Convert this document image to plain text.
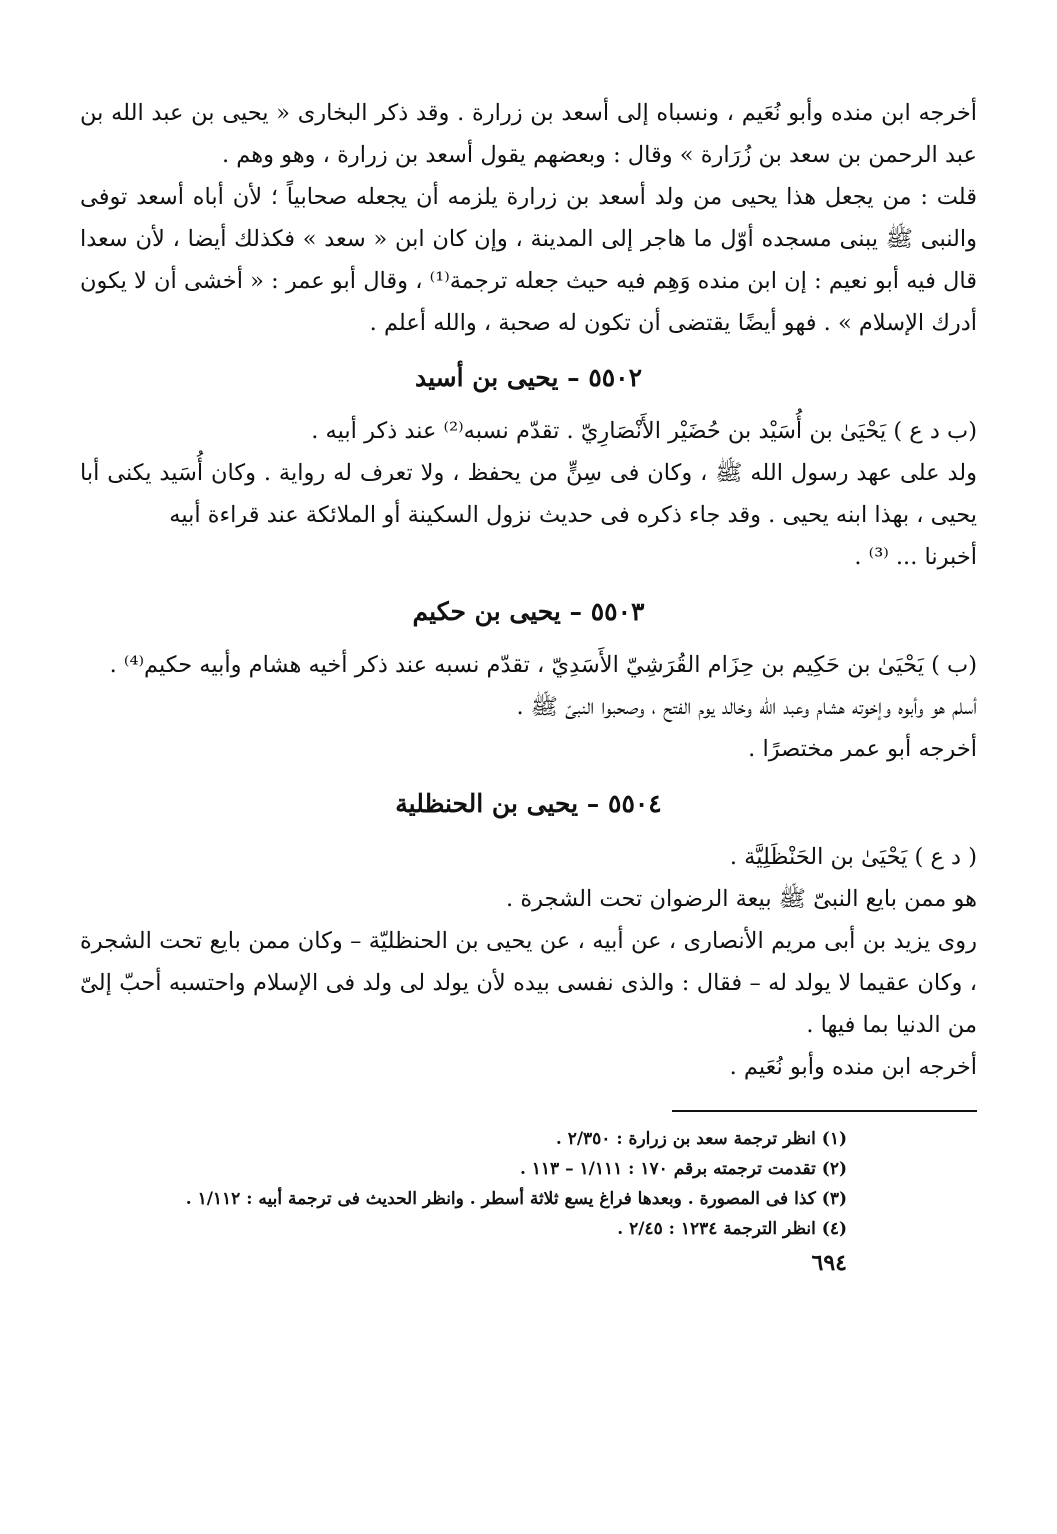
أخرجه ابن منده وأبو نُعَيم ، ونسباه إلى أسعد بن زرارة . وقد ذكر البخارى « يحيى بن عبد الله بن عبد الرحمن بن سعد بن زُرَارة » وقال : وبعضهم يقول أسعد بن زرارة ، وهو وهم .

قلت : من يجعل هذا يحيى من ولد أسعد بن زرارة يلزمه أن يجعله صحابياً ؛ لأن أباه أسعد توفى والنبى ﷺ يبنى مسجده أوّل ما هاجر إلى المدينة ، وإن كان ابن « سعد » فكذلك أيضا ، لأن سعدا قال فيه أبو نعيم : إن ابن منده وَهِم فيه حيث جعله ترجمة⁽¹⁾ ، وقال أبو عمر : « أخشى أن لا يكون أدرك الإسلام » . فهو أيضًا يقتضى أن تكون له صحبة ، والله أعلم .

٥٥٠٢ – يحيى بن أسيد

(ب د ع ) يَحْيَىٰ بن أُسَيْد بن حُضَيْر الأَنْصَارِيّ . تقدّم نسبه⁽²⁾ عند ذكر أبيه .

ولد على عهد رسول الله ﷺ ، وكان فى سِنٍّ من يحفظ ، ولا تعرف له رواية . وكان أُسَيد يكنى أبا يحيى ، بهذا ابنه يحيى . وقد جاء ذكره فى حديث نزول السكينة أو الملائكة عند قراءة أبيه

أخبرنا ... ⁽³⁾ .

٥٥٠٣ – يحيى بن حكيم

(ب ) يَحْيَىٰ بن حَكِيم بن حِزَام القُرَشِيّ الأَسَدِيّ ، تقدّم نسبه عند ذكر أخيه هشام وأبيه حكيم⁽⁴⁾ .

أسلم هو وأبوه وإخوته هشام وعبد الله وخالد يوم الفتح ، وصحبوا النبىّ ﷺ .

أخرجه أبو عمر مختصرًا .

٥٥٠٤ – يحيى بن الحنظلية

( د ع ) يَحْيَىٰ بن الحَنْظَلِيَّة .

هو ممن بايع النبىّ ﷺ بيعة الرضوان تحت الشجرة .

روى يزيد بن أبى مريم الأنصارى ، عن أبيه ، عن يحيى بن الحنظليّة – وكان ممن بايع تحت الشجرة ، وكان عقيما لا يولد له – فقال : والذى نفسى بيده لأن يولد لى ولد فى الإسلام واحتسبه أحبّ إلىّ من الدنيا بما فيها .

أخرجه ابن منده وأبو نُعَيم .

(١) انظر ترجمة سعد بن زرارة : ٢/٣٥٠ .

(٢) تقدمت ترجمته برقم ١٧٠ : ١/١١١ – ١١٣ .

(٣) كذا فى المصورة . وبعدها فراغ يسع ثلاثة أسطر . وانظر الحديث فى ترجمة أبيه : ١/١١٢ .

(٤) انظر الترجمة ١٢٣٤ : ٢/٤٥ .

٦٩٤
